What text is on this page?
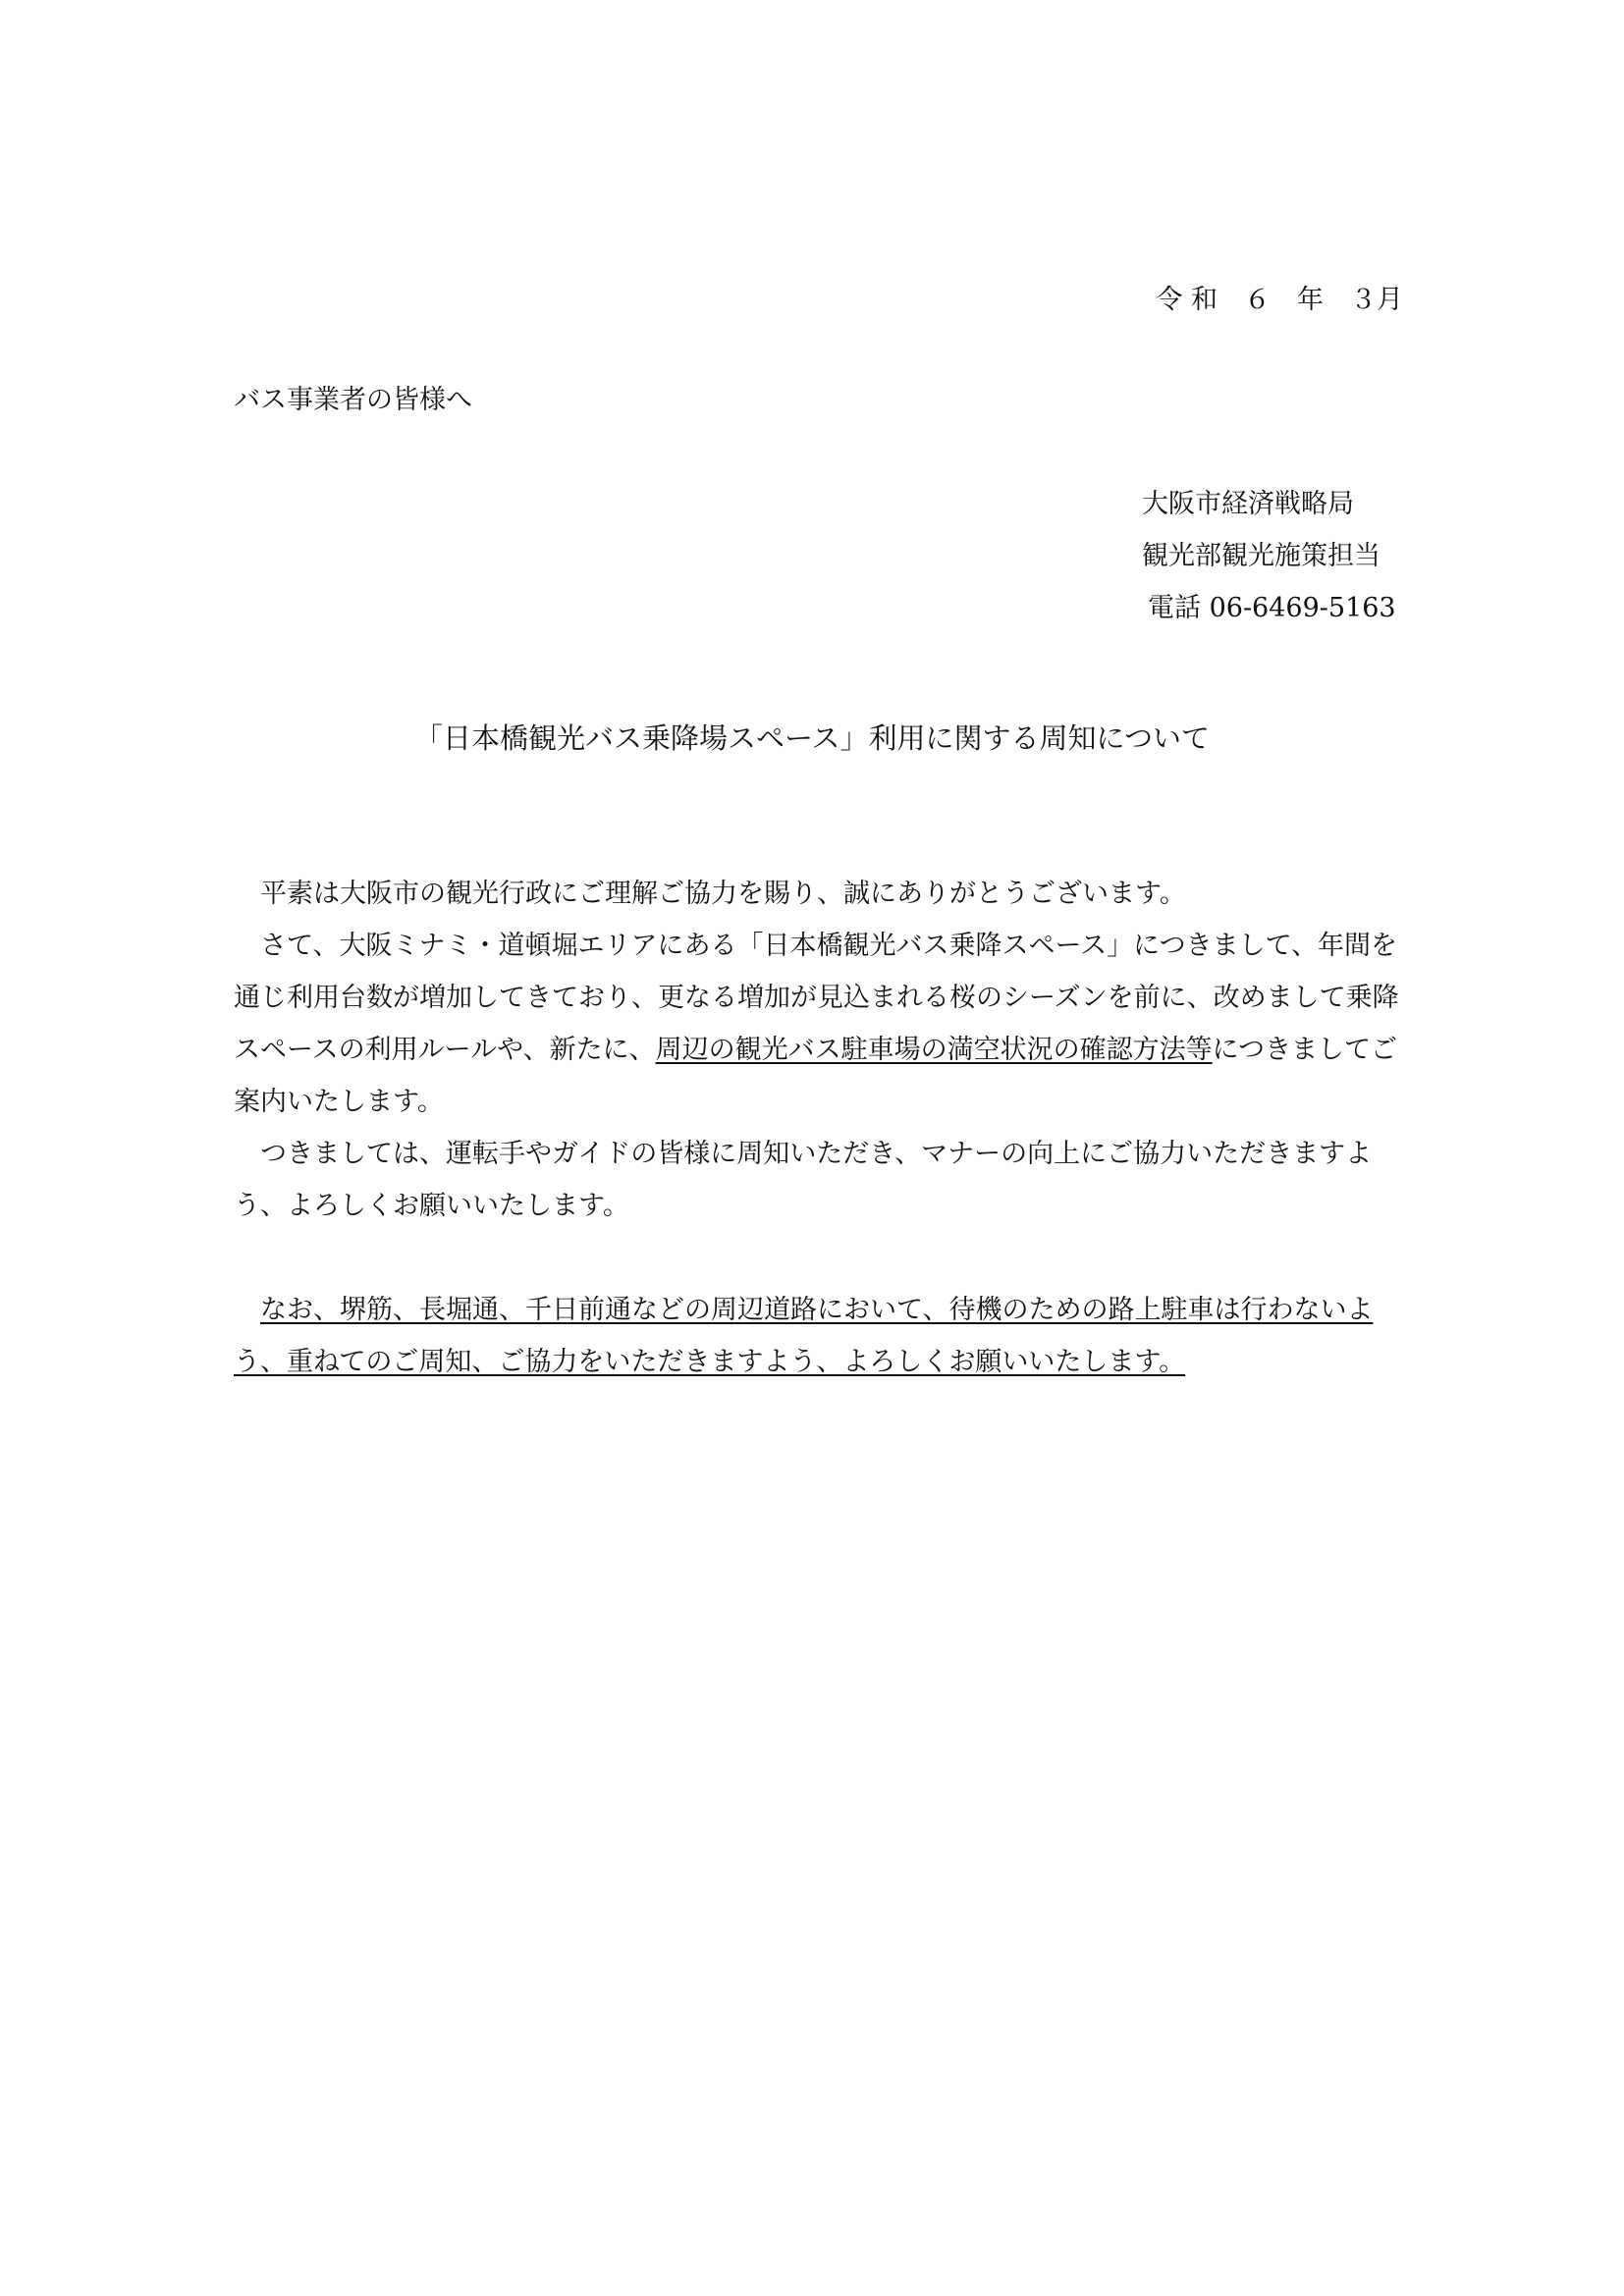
令 和　６　年　３月
バス事業者の皆様へ
大阪市経済戦略局
観光部観光施策担当
電話 06-6469-5163
「日本橋観光バス乗降場スペース」利用に関する周知について

平素は大阪市の観光行政にご理解ご協力を賜り、誠にありがとうございます。

さて、大阪ミナミ・道頓堀エリアにある「日本橋観光バス乗降スペース」につきまして、年間を通じ利用台数が増加してきており、更なる増加が見込まれる桜のシーズンを前に、改めまして乗降スペースの利用ルールや、新たに、周辺の観光バス駐車場の満空状況の確認方法等につきましてご案内いたします。

つきましては、運転手やガイドの皆様に周知いただき、マナーの向上にご協力いただきますよう、よろしくお願いいたします。

なお、堺筋、長堀通、千日前通などの周辺道路において、待機のための路上駐車は行わないよう、重ねてのご周知、ご協力をいただきますよう、よろしくお願いいたします。
